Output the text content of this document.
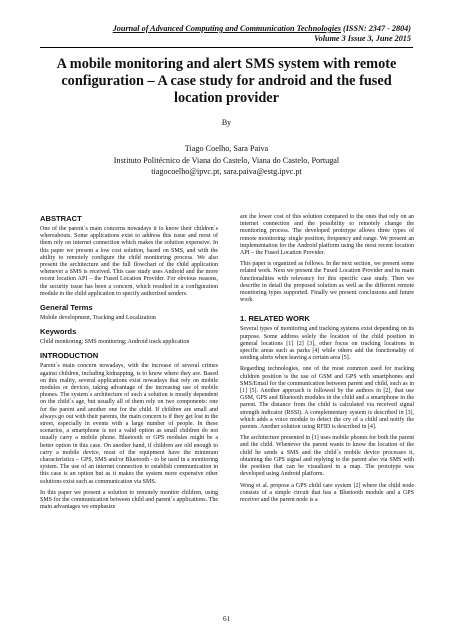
Journal of Advanced Computing and Communication Technologies (ISSN: 2347 - 2804)
Volume 3 Issue 3, June 2015
A mobile monitoring and alert SMS system with remote configuration – A case study for android and the fused location provider
By
Tiago Coelho, Sara Paiva
Instituto Politécnico de Viana do Castelo, Viana do Castelo, Portugal
tiagocoelho@ipvc.pt, sara.paiva@estg.ipvc.pt
ABSTRACT

One of the parent´s main concerns nowadays it to know their children´s whereabouts. Some applications exist to address this issue and most of them rely on internet connection which makes the solution expensive. In this paper we present a low cost solution, based on SMS, and with the ability to remotely configure the child monitoring process. We also present the architecture and the full flowchart of the child application whenever a SMS is received. This case study uses Android and the more recent location API – the Fused Location Provider. For obvious reasons, the security issue has been a concern, which resulted in a configuration module in the child application to specify authorized senders.

General Terms

Mobile development, Tracking and Localization

Keywords

Child monitoring; SMS monitoring; Android track application

INTRODUCTION

Parent´s main concern nowadays, with the increase of several crimes against children, including kidnapping, is to know where they are. Based on this reality, several applications exist nowadays that rely on mobile modules or devices, taking advantage of the increasing use of mobile phones. The system´s architecture of such a solution is mostly dependent on the child´s age, but usually all of them rely on two components: one for the parent and another one for the child. If children are small and always go out with their parents, the main concern is if they get lost in the street, especially in events with a large number of people. In these scenarios, a smartphone is not a valid option as small children do not usually carry a mobile phone. Bluetooth or GPS modules might be a better option in this case. On another hand, if children are old enough to carry a mobile device, most of the equipment have the minimum characteristics – GPS, SMS and/or Bluetooth - to be used in a monitoring system. The use of an internet connection to establish communication in this case is an option but as it makes the system more expensive other solutions exist such as communication via SMS.

In this paper we present a solution to remotely monitor children, using SMS for the communication between child and parent´s applications. The main advantages we emphasize

are the lower cost of this solution compared to the ones that rely on an internet connection and the possibility to remotely change the monitoring process. The developed prototype allows three types of remote monitoring: single position, frequency and range. We present an implementation for the Android platform using the most recent location API – the Fused Location Provider.

This paper is organized as follows. In the next section, we present some related work. Next we present the Fused Location Provider and its main functionalities with relevancy for this specific case study. Then we describe in detail the proposed solution as well as the different remote monitoring types supported. Finally we present conclusions and future work.

1. RELATED WORK

Several types of monitoring and tracking systems exist depending on its purpose. Some address solely the location of the child position in general locations [1] [2] [3], other focus on tracking locations in specific areas such as parks [4] while others add the functionality of sending alerts when leaving a certain area [5].

Regarding technologies, one of the most common used for tracking children position is the use of GSM and GPS with smartphones and SMS/Email for the communication between parent and child, such as in [1] [5]. Another approach is followed by the authors in [2], that use GSM, GPS and Bluetooth modules in the child and a smartphone in the parent. The distance from the child is calculated via received signal strength indicator (RSSI). A complementary system is described in [3], which adds a voice module to detect the cry of a child and notify the parents. Another solution using RFID is described in [4].

The architecture presented in [1] uses mobile phones for both the parent and the child. Whenever the parent wants to know the location of the child he sends a SMS and the child´s mobile device processes it, obtaining the GPS signal and replying to the parent also via SMS with the position that can be visualized in a map. The prototype was developed using Android platform.

Wong et al. propose a GPS child care system [2] where the child node consists of a simple circuit that has a Bluetooth module and a GPS receiver and the parent node is a

61
